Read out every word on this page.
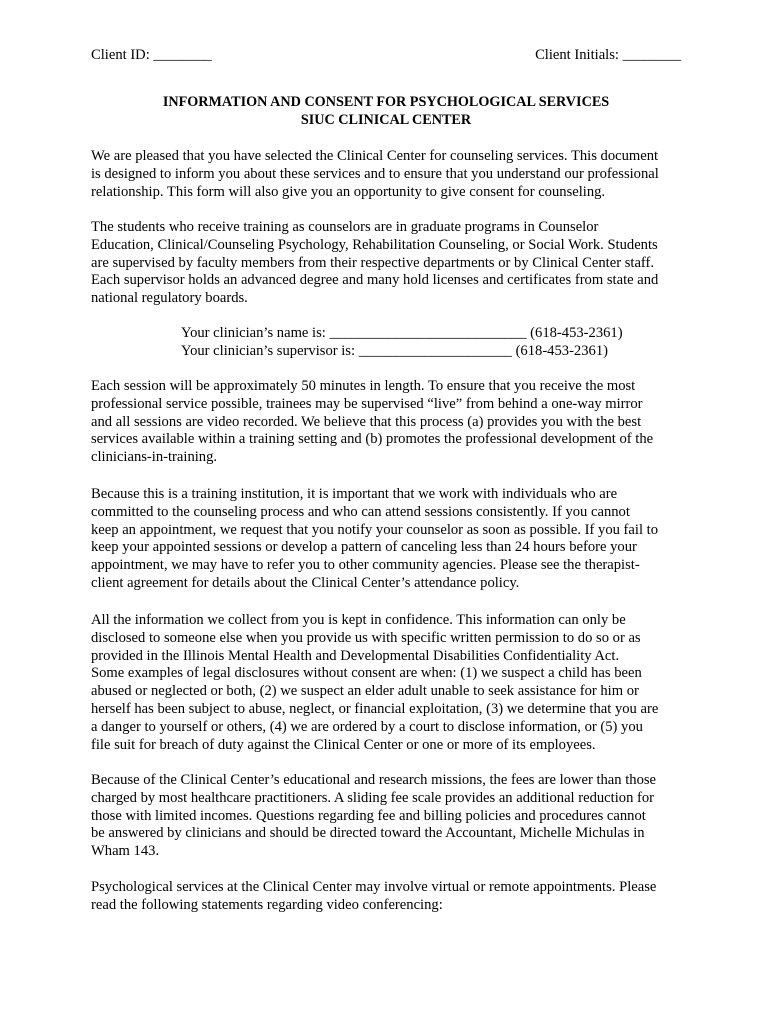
Client ID: ________	Client Initials: ________
INFORMATION AND CONSENT FOR PSYCHOLOGICAL SERVICES
SIUC CLINICAL CENTER
We are pleased that you have selected the Clinical Center for counseling services. This document
is designed to inform you about these services and to ensure that you understand our professional
relationship. This form will also give you an opportunity to give consent for counseling.
The students who receive training as counselors are in graduate programs in Counselor
Education, Clinical/Counseling Psychology, Rehabilitation Counseling, or Social Work. Students
are supervised by faculty members from their respective departments or by Clinical Center staff.
Each supervisor holds an advanced degree and many hold licenses and certificates from state and
national regulatory boards.
Your clinician’s name is: ___________________________ (618-453-2361)
Your clinician’s supervisor is: _____________________ (618-453-2361)
Each session will be approximately 50 minutes in length. To ensure that you receive the most
professional service possible, trainees may be supervised “live” from behind a one-way mirror
and all sessions are video recorded. We believe that this process (a) provides you with the best
services available within a training setting and (b) promotes the professional development of the
clinicians-in-training.
Because this is a training institution, it is important that we work with individuals who are
committed to the counseling process and who can attend sessions consistently. If you cannot
keep an appointment, we request that you notify your counselor as soon as possible. If you fail to
keep your appointed sessions or develop a pattern of canceling less than 24 hours before your
appointment, we may have to refer you to other community agencies. Please see the therapist-
client agreement for details about the Clinical Center’s attendance policy.
All the information we collect from you is kept in confidence. This information can only be
disclosed to someone else when you provide us with specific written permission to do so or as
provided in the Illinois Mental Health and Developmental Disabilities Confidentiality Act.
Some examples of legal disclosures without consent are when: (1) we suspect a child has been
abused or neglected or both, (2) we suspect an elder adult unable to seek assistance for him or
herself has been subject to abuse, neglect, or financial exploitation, (3) we determine that you are
a danger to yourself or others, (4) we are ordered by a court to disclose information, or (5) you
file suit for breach of duty against the Clinical Center or one or more of its employees.
Because of the Clinical Center’s educational and research missions, the fees are lower than those
charged by most healthcare practitioners. A sliding fee scale provides an additional reduction for
those with limited incomes. Questions regarding fee and billing policies and procedures cannot
be answered by clinicians and should be directed toward the Accountant, Michelle Michulas in
Wham 143.
Psychological services at the Clinical Center may involve virtual or remote appointments. Please
read the following statements regarding video conferencing:
